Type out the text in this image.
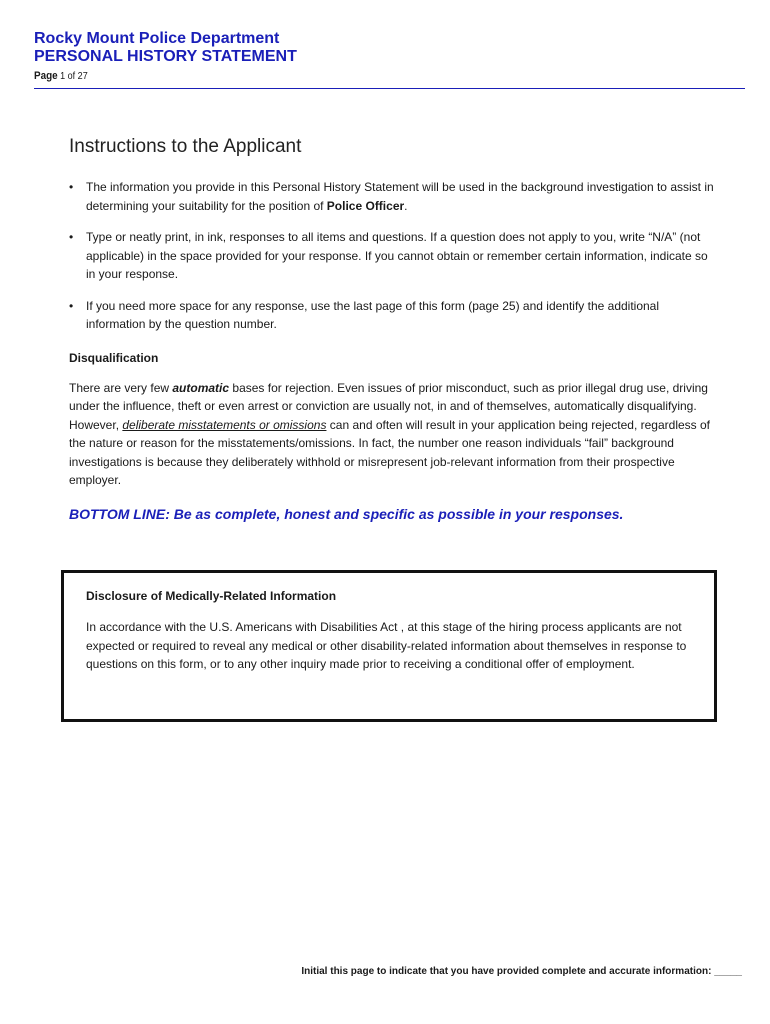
Rocky Mount Police Department
PERSONAL HISTORY STATEMENT
Page 1 of 27
Instructions to the Applicant
• The information you provide in this Personal History Statement will be used in the background investigation to assist in determining your suitability for the position of Police Officer.
• Type or neatly print, in ink, responses to all items and questions. If a question does not apply to you, write “N/A” (not applicable) in the space provided for your response. If you cannot obtain or remember certain information, indicate so in your response.
• If you need more space for any response, use the last page of this form (page 25) and identify the additional information by the question number.
Disqualification
There are very few automatic bases for rejection. Even issues of prior misconduct, such as prior illegal drug use, driving under the influence, theft or even arrest or conviction are usually not, in and of themselves, automatically disqualifying. However, deliberate misstatements or omissions can and often will result in your application being rejected, regardless of the nature or reason for the misstatements/omissions. In fact, the number one reason individuals “fail” background investigations is because they deliberately withhold or misrepresent job-relevant information from their prospective employer.
BOTTOM LINE: Be as complete, honest and specific as possible in your responses.
Disclosure of Medically-Related Information
In accordance with the U.S. Americans with Disabilities Act , at this stage of the hiring process applicants are not expected or required to reveal any medical or other disability-related information about themselves in response to questions on this form, or to any other inquiry made prior to receiving a conditional offer of employment.
Initial this page to indicate that you have provided complete and accurate information: _____
